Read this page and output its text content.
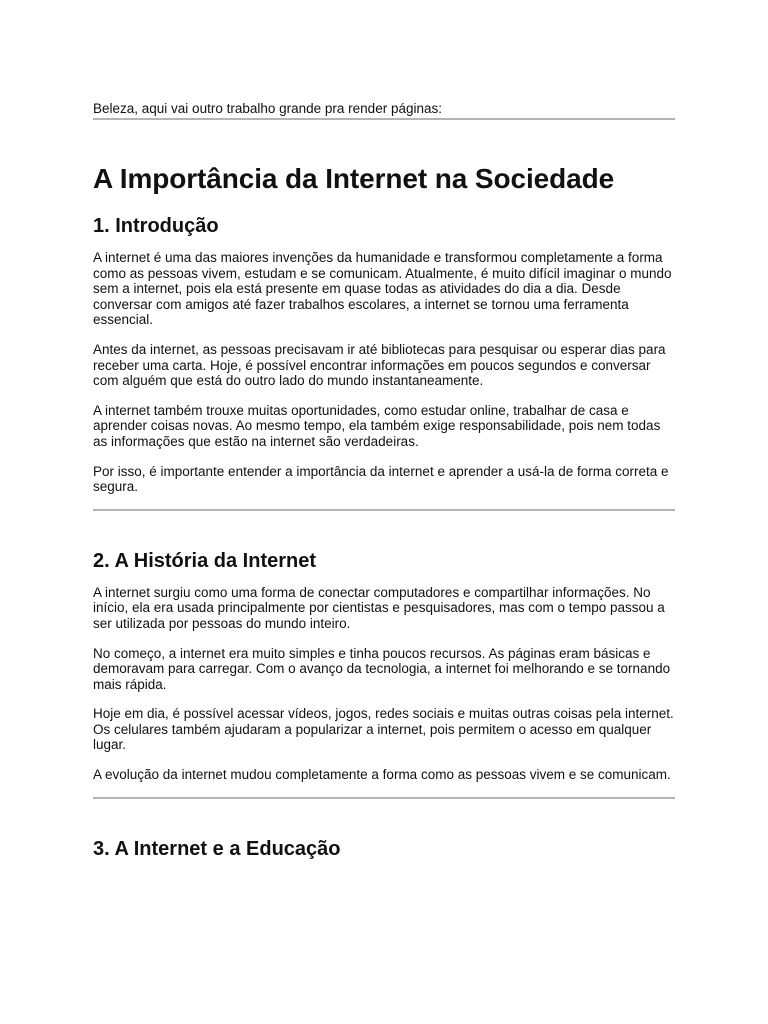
Beleza, aqui vai outro trabalho grande pra render páginas:

A Importância da Internet na Sociedade
1. Introdução

A internet é uma das maiores invenções da humanidade e transformou completamente a forma como as pessoas vivem, estudam e se comunicam. Atualmente, é muito difícil imaginar o mundo sem a internet, pois ela está presente em quase todas as atividades do dia a dia. Desde conversar com amigos até fazer trabalhos escolares, a internet se tornou uma ferramenta essencial.

Antes da internet, as pessoas precisavam ir até bibliotecas para pesquisar ou esperar dias para receber uma carta. Hoje, é possível encontrar informações em poucos segundos e conversar com alguém que está do outro lado do mundo instantaneamente.

A internet também trouxe muitas oportunidades, como estudar online, trabalhar de casa e aprender coisas novas. Ao mesmo tempo, ela também exige responsabilidade, pois nem todas as informações que estão na internet são verdadeiras.

Por isso, é importante entender a importância da internet e aprender a usá-la de forma correta e segura.

2. A História da Internet

A internet surgiu como uma forma de conectar computadores e compartilhar informações. No início, ela era usada principalmente por cientistas e pesquisadores, mas com o tempo passou a ser utilizada por pessoas do mundo inteiro.

No começo, a internet era muito simples e tinha poucos recursos. As páginas eram básicas e demoravam para carregar. Com o avanço da tecnologia, a internet foi melhorando e se tornando mais rápida.

Hoje em dia, é possível acessar vídeos, jogos, redes sociais e muitas outras coisas pela internet. Os celulares também ajudaram a popularizar a internet, pois permitem o acesso em qualquer lugar.

A evolução da internet mudou completamente a forma como as pessoas vivem e se comunicam.

3. A Internet e a Educação
